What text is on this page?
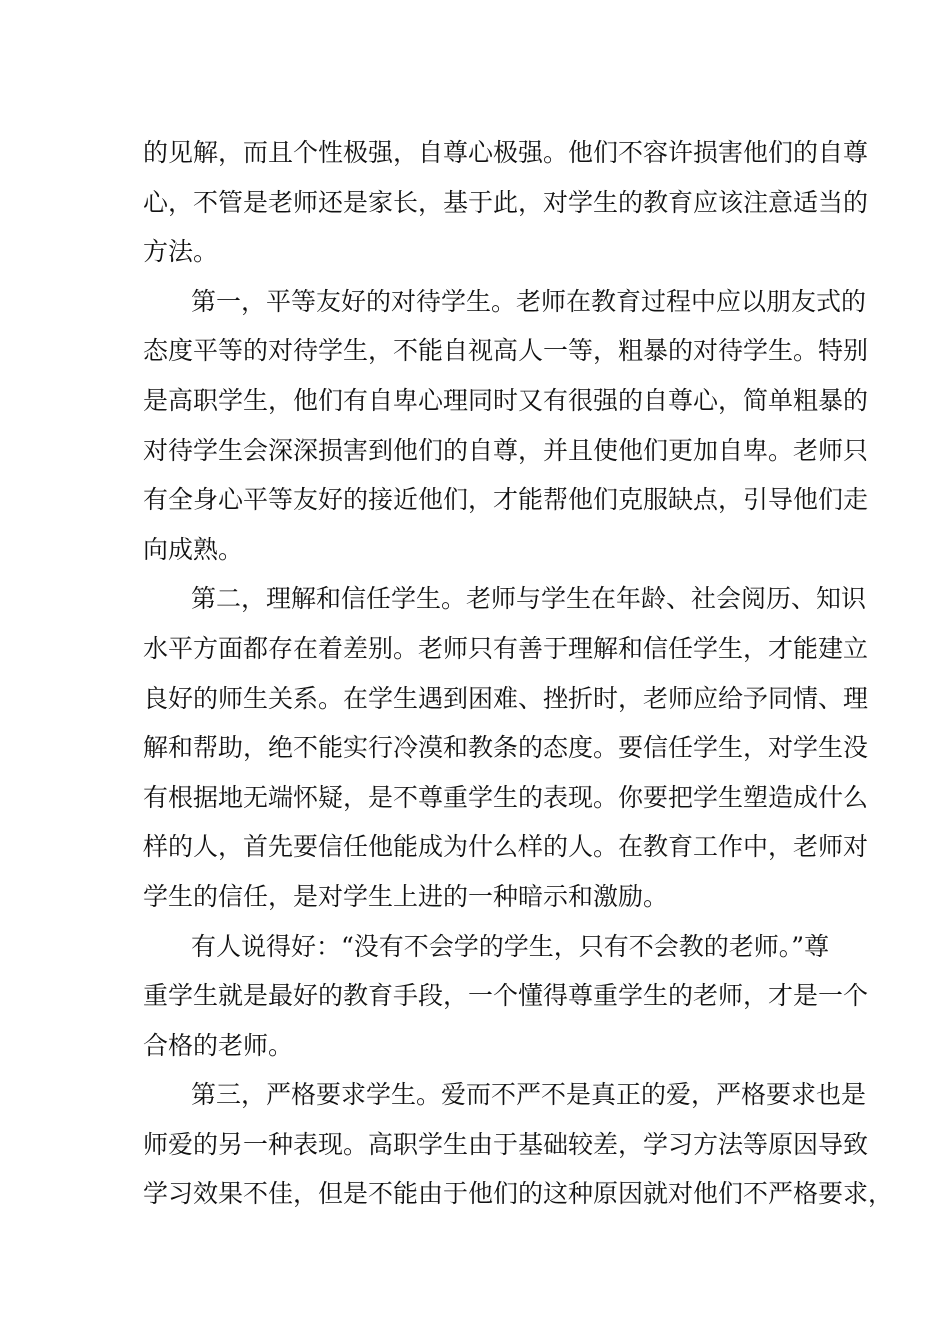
的见解，而且个性极强，自尊心极强。他们不容许损害他们的自尊
心，不管是老师还是家长，基于此，对学生的教育应该注意适当的
方法。
第一，平等友好的对待学生。老师在教育过程中应以朋友式的
态度平等的对待学生，不能自视高人一等，粗暴的对待学生。特别
是高职学生，他们有自卑心理同时又有很强的自尊心，简单粗暴的
对待学生会深深损害到他们的自尊，并且使他们更加自卑。老师只
有全身心平等友好的接近他们，才能帮他们克服缺点，引导他们走
向成熟。
第二，理解和信任学生。老师与学生在年龄、社会阅历、知识
水平方面都存在着差别。老师只有善于理解和信任学生，才能建立
良好的师生关系。在学生遇到困难、挫折时，老师应给予同情、理
解和帮助，绝不能实行冷漠和教条的态度。要信任学生，对学生没
有根据地无端怀疑，是不尊重学生的表现。你要把学生塑造成什么
样的人，首先要信任他能成为什么样的人。在教育工作中，老师对
学生的信任，是对学生上进的一种暗示和激励。
有人说得好：“没有不会学的学生，只有不会教的老师。”尊
重学生就是最好的教育手段，一个懂得尊重学生的老师，才是一个
合格的老师。
第三，严格要求学生。爱而不严不是真正的爱，严格要求也是
师爱的另一种表现。高职学生由于基础较差，学习方法等原因导致
学习效果不佳，但是不能由于他们的这种原因就对他们不严格要求，
